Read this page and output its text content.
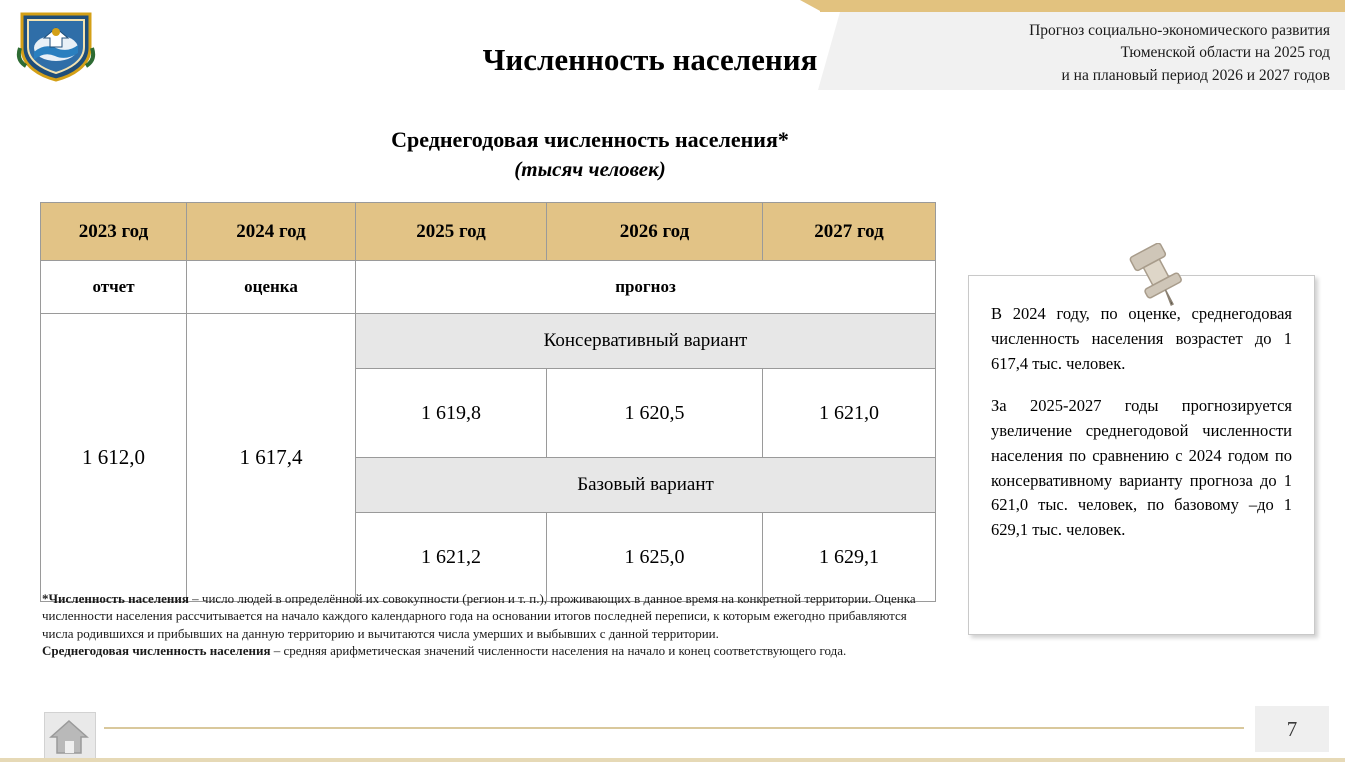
Прогноз социально-экономического развития
Тюменской области на 2025 год
и на плановый период 2026 и 2027 годов
Численность населения
Среднегодовая численность населения*
(тысяч человек)
2023 год	2024 год	2025 год	2026 год	2027 год
отчет	оценка	прогноз		
1 612,0	1 617,4	Консервативный вариант		
		1 619,8	1 620,5	1 621,0
		Базовый вариант		
		1 621,2	1 625,0	1 629,1
*Численность населения – число людей в определённой их совокупности (регион и т. п.), проживающих в данное время на конкретной территории. Оценка численности населения рассчитывается на начало каждого календарного года на основании итогов последней переписи, к которым ежегодно прибавляются числа родившихся и прибывших на данную территорию и вычитаются числа умерших и выбывших с данной территории.
Среднегодовая численность населения – средняя арифметическая значений численности населения на начало и конец соответствующего года.

В 2024 году, по оценке, среднегодовая численность населения возрастет до 1 617,4 тыс. человек.

За 2025-2027 годы прогнозируется увеличение среднегодовой численности населения по сравнению с 2024 годом по консервативному варианту прогноза до 1 621,0 тыс. человек, по базовому –до 1 629,1 тыс. человек.

7
